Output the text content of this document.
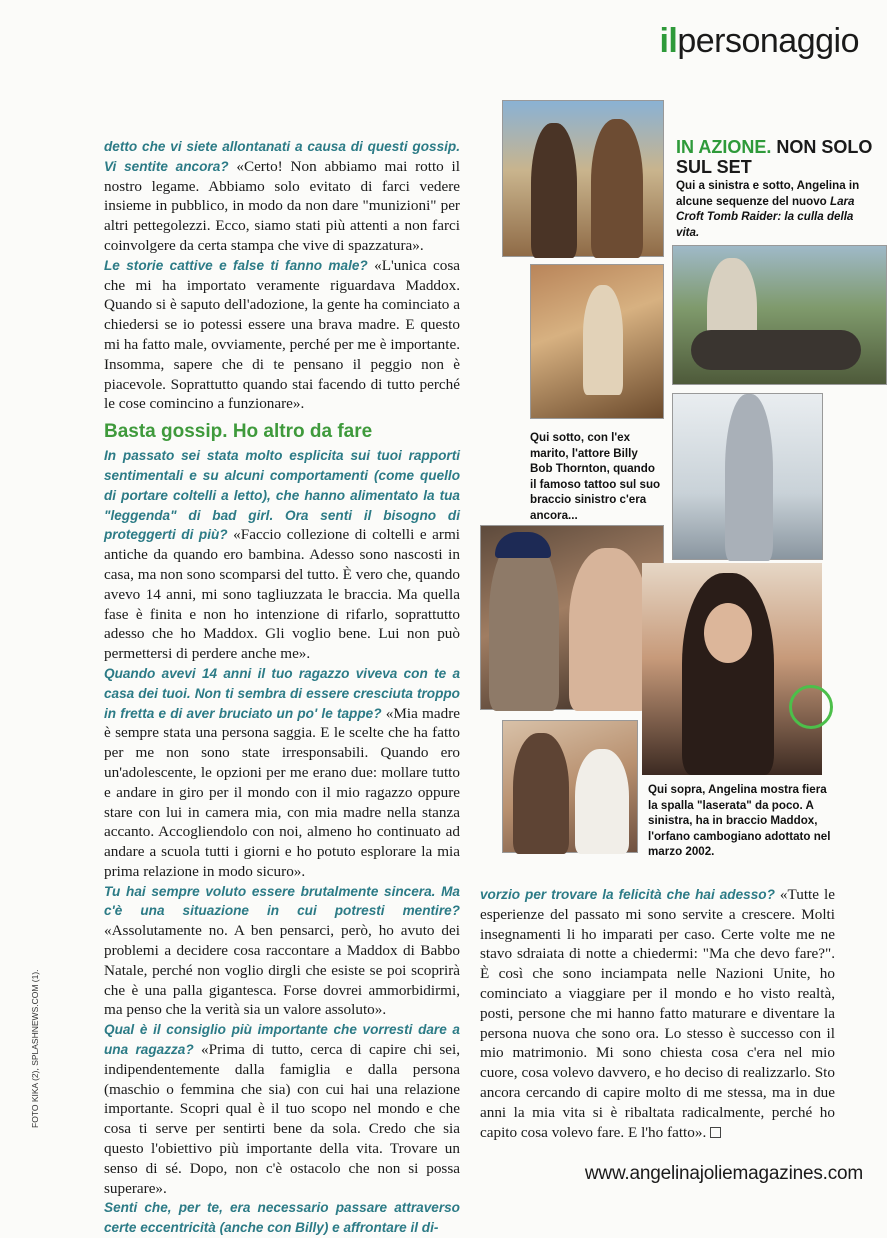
ilpersonaggio

detto che vi siete allontanati a causa di questi gossip. Vi sentite ancora? «Certo! Non abbiamo mai rotto il nostro legame. Abbiamo solo evitato di farci vedere insieme in pubblico, in modo da non dare "munizioni" per altri pettegolezzi. Ecco, siamo stati più attenti a non farci coinvolgere da certa stampa che vive di spazzatura».

Le storie cattive e false ti fanno male? «L'unica cosa che mi ha importato veramente riguardava Maddox. Quando si è saputo dell'adozione, la gente ha cominciato a chiedersi se io potessi essere una brava madre. E questo mi ha fatto male, ovviamente, perché per me è importante. Insomma, sapere che di te pensano il peggio non è piacevole. Soprattutto quando stai facendo di tutto perché le cose comincino a funzionare».

Basta gossip. Ho altro da fare

In passato sei stata molto esplicita sui tuoi rapporti sentimentali e su alcuni comportamenti (come quello di portare coltelli a letto), che hanno alimentato la tua "leggenda" di bad girl. Ora senti il bisogno di proteggerti di più? «Faccio collezione di coltelli e armi antiche da quando ero bambina. Adesso sono nascosti in casa, ma non sono scomparsi del tutto. È vero che, quando avevo 14 anni, mi sono tagliuzzata le braccia. Ma quella fase è finita e non ho intenzione di rifarlo, soprattutto adesso che ho Maddox. Gli voglio bene. Lui non può permettersi di perdere anche me».

Quando avevi 14 anni il tuo ragazzo viveva con te a casa dei tuoi. Non ti sembra di essere cresciuta troppo in fretta e di aver bruciato un po' le tappe? «Mia madre è sempre stata una persona saggia. E le scelte che ha fatto per me non sono state irresponsabili. Quando ero un'adolescente, le opzioni per me erano due: mollare tutto e andare in giro per il mondo con il mio ragazzo oppure stare con lui in camera mia, con mia madre nella stanza accanto. Accogliendolo con noi, almeno ho continuato ad andare a scuola tutti i giorni e ho potuto esplorare la mia prima relazione in modo sicuro».

Tu hai sempre voluto essere brutalmente sincera. Ma c'è una situazione in cui potresti mentire? «Assolutamente no. A ben pensarci, però, ho avuto dei problemi a decidere cosa raccontare a Maddox di Babbo Natale, perché non voglio dirgli che esiste se poi scoprirà che è una palla gigantesca. Forse dovrei ammorbidirmi, ma penso che la verità sia un valore assoluto».

Qual è il consiglio più importante che vorresti dare a una ragazza? «Prima di tutto, cerca di capire chi sei, indipendentemente dalla famiglia e dalla persona (maschio o femmina che sia) con cui hai una relazione importante. Scopri qual è il tuo scopo nel mondo e che cosa ti serve per sentirti bene da sola. Credo che sia questo l'obiettivo più importante della vita. Trovare un senso di sé. Dopo, non c'è ostacolo che non si possa superare».

Senti che, per te, era necessario passare attraverso certe eccentricità (anche con Billy) e affrontare il di-

vorzio per trovare la felicità che hai adesso? «Tutte le esperienze del passato mi sono servite a crescere. Molti insegnamenti li ho imparati per caso. Certe volte me ne stavo sdraiata di notte a chiedermi: "Ma che devo fare?". È così che sono inciampata nelle Nazioni Unite, ho cominciato a viaggiare per il mondo e ho visto realtà, posti, persone che mi hanno fatto maturare e diventare la persona nuova che sono ora. Lo stesso è successo con il mio matrimonio. Mi sono chiesta cosa c'era nel mio cuore, cosa volevo davvero, e ho deciso di realizzarlo. Sto ancora cercando di capire molto di me stessa, ma in due anni la mia vita si è ribaltata radicalmente, perché ho capito cosa volevo fare. E l'ho fatto».

IN AZIONE. NON SOLO SUL SET
Qui a sinistra e sotto, Angelina in alcune sequenze del nuovo Lara Croft Tomb Raider: la culla della vita.
Qui sotto, con l'ex marito, l'attore Billy Bob Thornton, quando il famoso tattoo sul suo braccio sinistro c'era ancora...
Qui sopra, Angelina mostra fiera la spalla "laserata" da poco. A sinistra, ha in braccio Maddox, l'orfano cambogiano adottato nel marzo 2002.
FOTO KIKA (2), SPLASHNEWS.COM (1).
www.angelinajoliemagazines.com
